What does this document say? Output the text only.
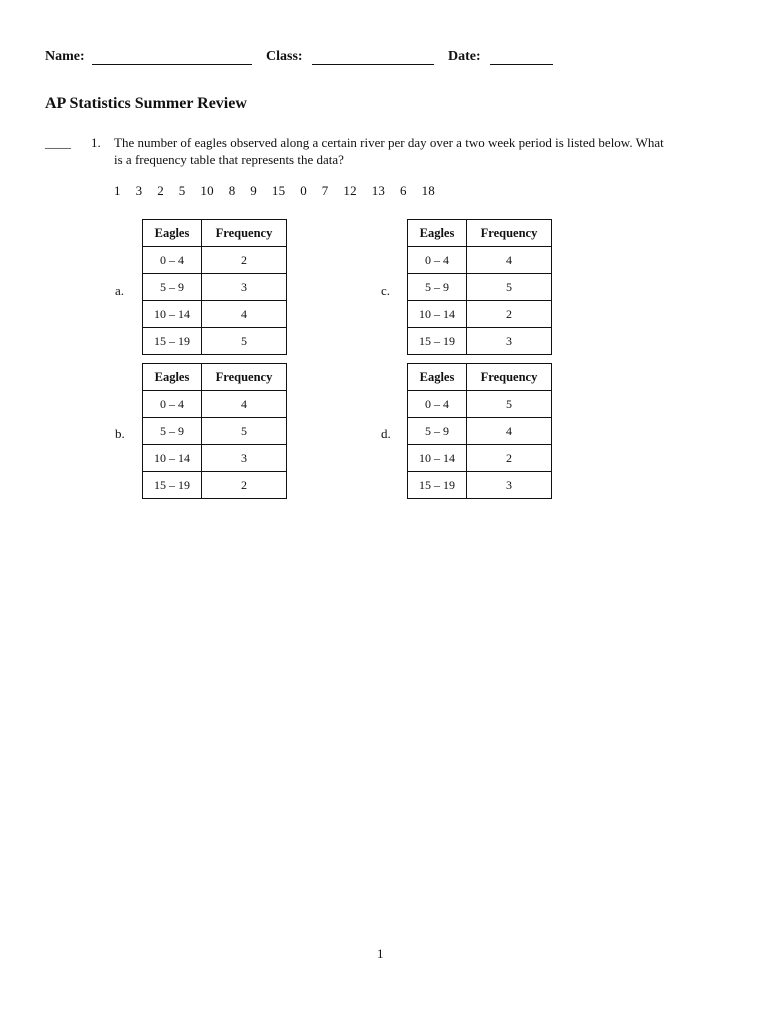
Name:	Class:	Date:
AP Statistics Summer Review
____ 1. The number of eagles observed along a certain river per day over a two week period is listed below. What
is a frequency table that represents the data?
1  3  2  5  10  8  9  15  0  7  12  13  6  18
a.
Eagles	Frequency
0 – 4	2
5 – 9	3
10 – 14	4
15 – 19	5
b.
Eagles	Frequency
0 – 4	4
5 – 9	5
10 – 14	3
15 – 19	2
c.
Eagles	Frequency
0 – 4	4
5 – 9	5
10 – 14	2
15 – 19	3
d.
Eagles	Frequency
0 – 4	5
5 – 9	4
10 – 14	2
15 – 19	3
1
